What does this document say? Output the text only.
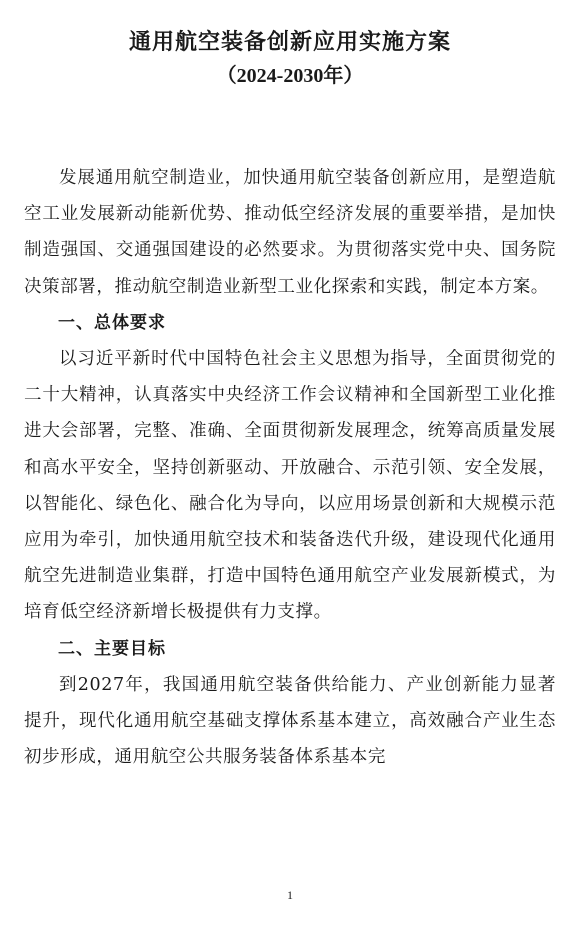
通用航空装备创新应用实施方案
（2024-2030年）

发展通用航空制造业，加快通用航空装备创新应用，是塑造航空工业发展新动能新优势、推动低空经济发展的重要举措，是加快制造强国、交通强国建设的必然要求。为贯彻落实党中央、国务院决策部署，推动航空制造业新型工业化探索和实践，制定本方案。

一、总体要求

以习近平新时代中国特色社会主义思想为指导，全面贯彻党的二十大精神，认真落实中央经济工作会议精神和全国新型工业化推进大会部署，完整、准确、全面贯彻新发展理念，统筹高质量发展和高水平安全，坚持创新驱动、开放融合、示范引领、安全发展，以智能化、绿色化、融合化为导向，以应用场景创新和大规模示范应用为牵引，加快通用航空技术和装备迭代升级，建设现代化通用航空先进制造业集群，打造中国特色通用航空产业发展新模式，为培育低空经济新增长极提供有力支撑。

二、主要目标

到2027年，我国通用航空装备供给能力、产业创新能力显著提升，现代化通用航空基础支撑体系基本建立，高效融合产业生态初步形成，通用航空公共服务装备体系基本完

1
